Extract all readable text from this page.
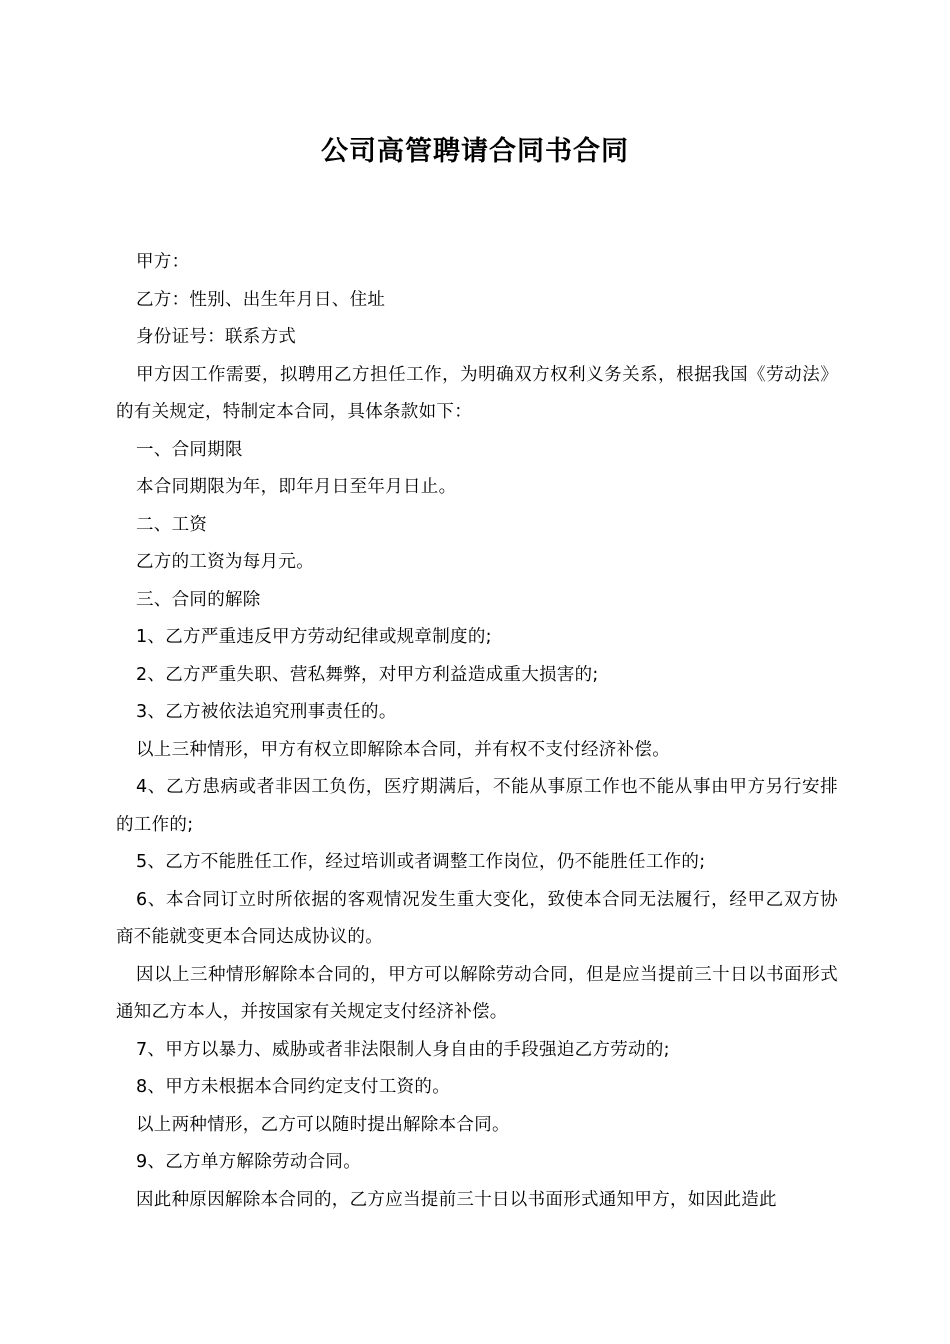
公司高管聘请合同书合同

甲方：

乙方：性别、出生年月日、住址

身份证号：联系方式

甲方因工作需要，拟聘用乙方担任工作，为明确双方权利义务关系，根据我国《劳动法》的有关规定，特制定本合同，具体条款如下：

一、合同期限

本合同期限为年，即年月日至年月日止。

二、工资

乙方的工资为每月元。

三、合同的解除

1、乙方严重违反甲方劳动纪律或规章制度的;

2、乙方严重失职、营私舞弊，对甲方利益造成重大损害的;

3、乙方被依法追究刑事责任的。

以上三种情形，甲方有权立即解除本合同，并有权不支付经济补偿。

4、乙方患病或者非因工负伤，医疗期满后，不能从事原工作也不能从事由甲方另行安排的工作的;

5、乙方不能胜任工作，经过培训或者调整工作岗位，仍不能胜任工作的;

6、本合同订立时所依据的客观情况发生重大变化，致使本合同无法履行，经甲乙双方协商不能就变更本合同达成协议的。

因以上三种情形解除本合同的，甲方可以解除劳动合同，但是应当提前三十日以书面形式通知乙方本人，并按国家有关规定支付经济补偿。

7、甲方以暴力、威胁或者非法限制人身自由的手段强迫乙方劳动的;

8、甲方未根据本合同约定支付工资的。

以上两种情形，乙方可以随时提出解除本合同。

9、乙方单方解除劳动合同。

因此种原因解除本合同的，乙方应当提前三十日以书面形式通知甲方，如因此造此
